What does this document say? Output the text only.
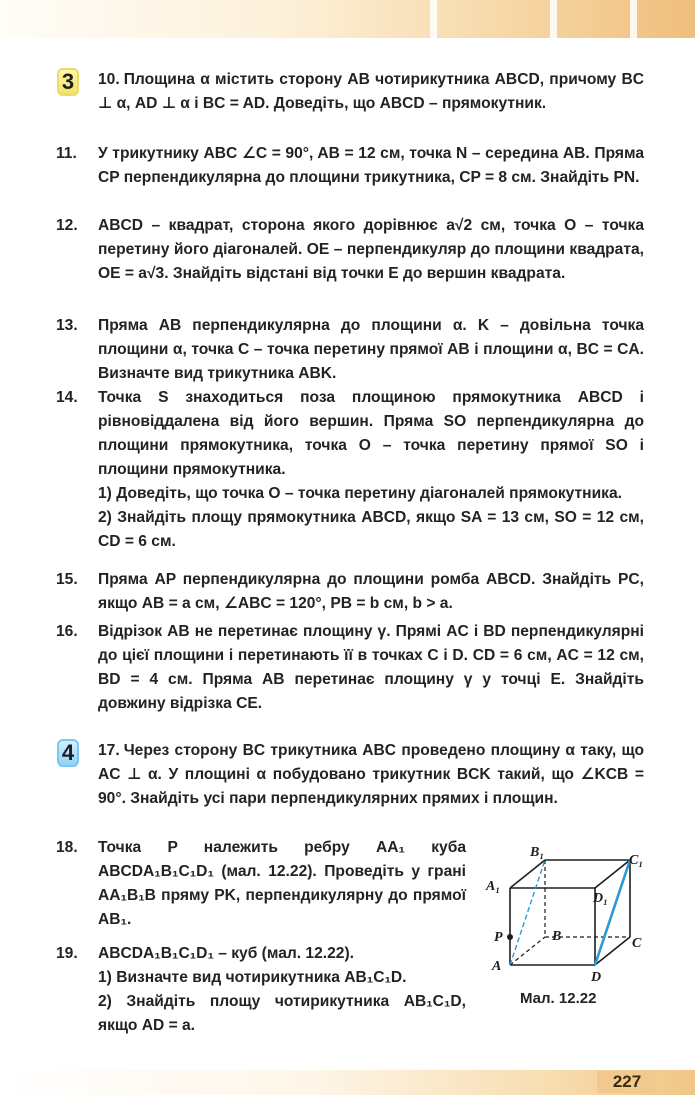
3
4
10. Площина α містить сторону AB чотирикутника ABCD, причому BC ⊥ α, AD ⊥ α і BC = AD. Доведіть, що ABCD – прямокутник.
11. У трикутнику ABC ∠C = 90°, AB = 12 см, точка N – середина AB. Пряма CP перпендикулярна до площини трикутника, CP = 8 см. Знайдіть PN.
12. ABCD – квадрат, сторона якого дорівнює a√2 см, точка O – точка перетину його діагоналей. OE – перпендикуляр до площини квадрата, OE = a√3. Знайдіть відстані від точки E до вершин квадрата.
13. Пряма AB перпендикулярна до площини α. K – довільна точка площини α, точка C – точка перетину прямої AB і площини α, BC = CA. Визначте вид трикутника ABK.
14. Точка S знаходиться поза площиною прямокутника ABCD і рівновіддалена від його вершин. Пряма SO перпендикулярна до площини прямокутника, точка O – точка перетину прямої SO і площини прямокутника.
1) Доведіть, що точка O – точка перетину діагоналей прямокутника.
2) Знайдіть площу прямокутника ABCD, якщо SA = 13 см, SO = 12 см, CD = 6 см.
15. Пряма AP перпендикулярна до площини ромба ABCD. Знайдіть PC, якщо AB = a см, ∠ABC = 120°, PB = b см, b > a.
16. Відрізок AB не перетинає площину γ. Прямі AC і BD перпендикулярні до цієї площини і перетинають її в точках C і D. CD = 6 см, AC = 12 см, BD = 4 см. Пряма AB перетинає площину γ у точці E. Знайдіть довжину відрізка CE.
17. Через сторону BC трикутника ABC проведено площину α таку, що AC ⊥ α. У площині α побудовано трикутник BCK такий, що ∠KCB = 90°. Знайдіть усі пари перпендикулярних прямих і площин.
18. Точка P належить ребру AA₁ куба ABCDA₁B₁C₁D₁ (мал. 12.22). Проведіть у грані AA₁B₁B пряму PK, перпендикулярну до прямої AB₁.
19. ABCDA₁B₁C₁D₁ – куб (мал. 12.22).
1) Визначте вид чотирикутника AB₁C₁D.
2) Знайдіть площу чотирикутника AB₁C₁D, якщо AD = a.
A
B	C
D
A₁
B₁
C₁
D₁
P
Мал. 12.22
227
